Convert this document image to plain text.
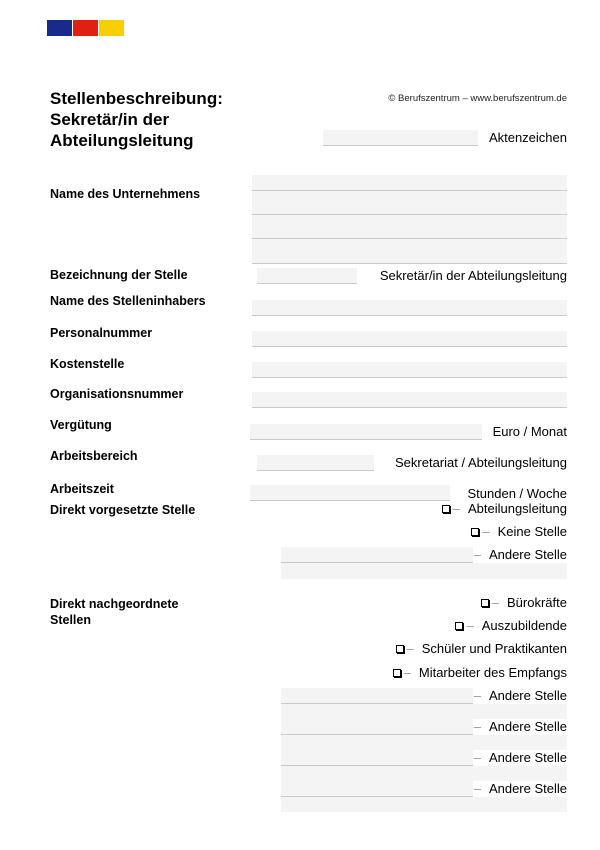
Stellenbeschreibung:
Sekretär/in der
Abteilungsleitung
© Berufszentrum – www.berufszentrum.de
Aktenzeichen
Name des Unternehmens
Bezeichnung der Stelle	Sekretär/in der Abteilungsleitung
Name des Stelleninhabers
Personalnummer
Kostenstelle
Organisationsnummer
Vergütung	Euro / Monat
Arbeitsbereich	Sekretariat / Abteilungsleitung
Arbeitszeit	Stunden / Woche
Direkt vorgesetzte Stelle	– Abteilungsleitung
– Keine Stelle
– Andere Stelle
Direkt nachgeordnete
Stellen
– Bürokräfte
– Auszubildende
– Schüler und Praktikanten
– Mitarbeiter des Empfangs
– Andere Stelle
– Andere Stelle
– Andere Stelle
– Andere Stelle
